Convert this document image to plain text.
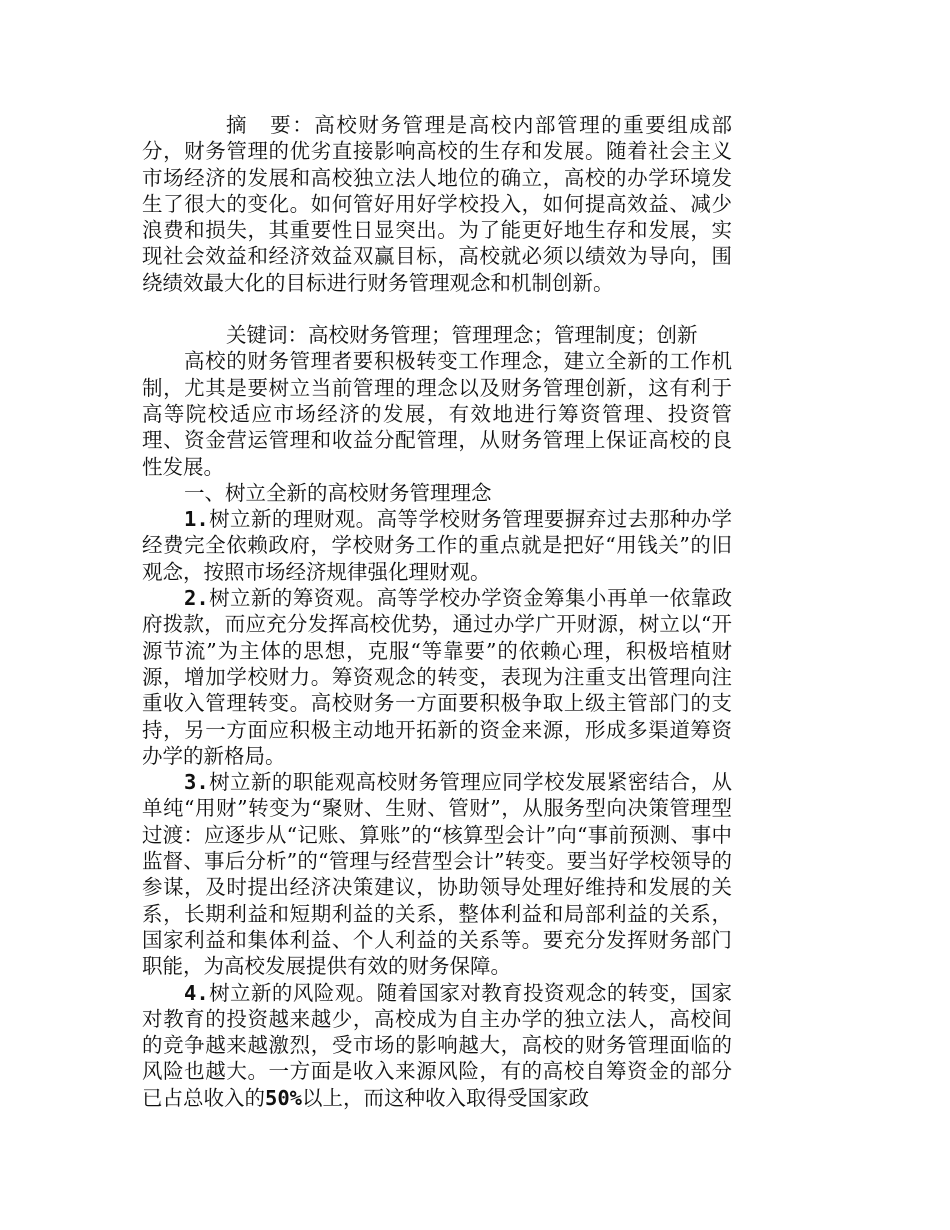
摘　要：高校财务管理是高校内部管理的重要组成部分，财务管理的优劣直接影响高校的生存和发展。随着社会主义市场经济的发展和高校独立法人地位的确立，高校的办学环境发生了很大的变化。如何管好用好学校投入，如何提高效益、减少浪费和损失，其重要性日显突出。为了能更好地生存和发展，实现社会效益和经济效益双赢目标，高校就必须以绩效为导向，围绕绩效最大化的目标进行财务管理观念和机制创新。

关键词：高校财务管理；管理理念；管理制度；创新

高校的财务管理者要积极转变工作理念，建立全新的工作机制，尤其是要树立当前管理的理念以及财务管理创新，这有利于高等院校适应市场经济的发展，有效地进行筹资管理、投资管理、资金营运管理和收益分配管理，从财务管理上保证高校的良性发展。

一、树立全新的高校财务管理理念

1.树立新的理财观。高等学校财务管理要摒弃过去那种办学经费完全依赖政府，学校财务工作的重点就是把好“用钱关”的旧观念，按照市场经济规律强化理财观。

2.树立新的筹资观。高等学校办学资金筹集小再单一依靠政府拨款，而应充分发挥高校优势，通过办学广开财源，树立以“开源节流”为主体的思想，克服“等靠要”的依赖心理，积极培植财源，增加学校财力。筹资观念的转变，表现为注重支出管理向注重收入管理转变。高校财务一方面要积极争取上级主管部门的支持，另一方面应积极主动地开拓新的资金来源，形成多渠道筹资办学的新格局。

3.树立新的职能观高校财务管理应同学校发展紧密结合，从单纯“用财”转变为“聚财、生财、管财”，从服务型向决策管理型过渡：应逐步从“记账、算账”的“核算型会计”向“事前预测、事中监督、事后分析”的“管理与经营型会计”转变。要当好学校领导的参谋，及时提出经济决策建议，协助领导处理好维持和发展的关系，长期利益和短期利益的关系，整体利益和局部利益的关系，国家利益和集体利益、个人利益的关系等。要充分发挥财务部门职能，为高校发展提供有效的财务保障。

4.树立新的风险观。随着国家对教育投资观念的转变，国家对教育的投资越来越少，高校成为自主办学的独立法人，高校间的竞争越来越激烈，受市场的影响越大，高校的财务管理面临的风险也越大。一方面是收入来源风险，有的高校自筹资金的部分已占总收入的50%以上，而这种收入取得受国家政
